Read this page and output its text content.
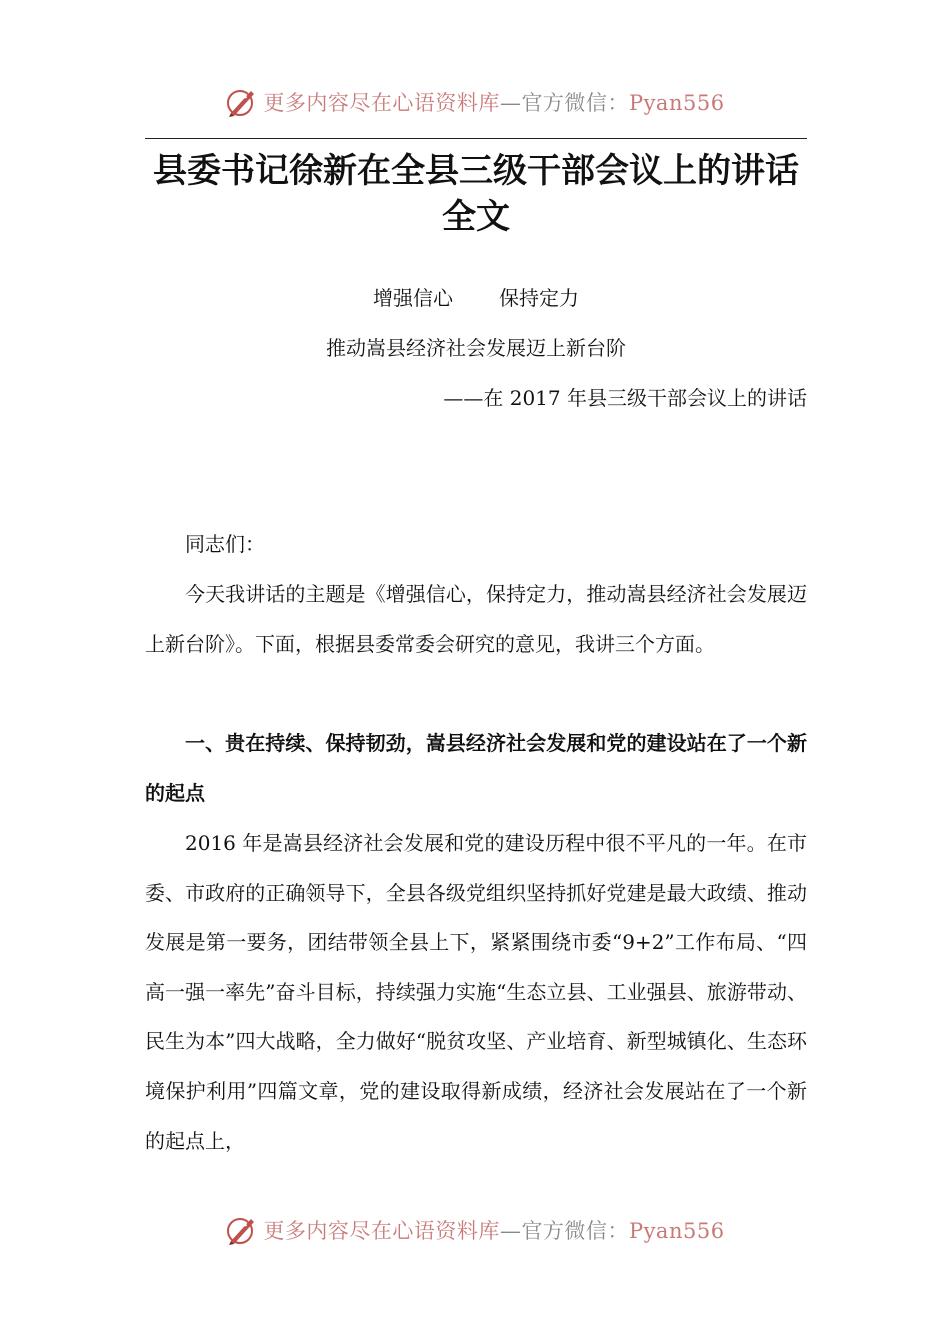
更多内容尽在心语资料库—官方微信：Pyan556
县委书记徐新在全县三级干部会议上的讲话全文
增强信心 保持定力
推动嵩县经济社会发展迈上新台阶
——在 2017 年县三级干部会议上的讲话

同志们：

今天我讲话的主题是《增强信心，保持定力，推动嵩县经济社会发展迈上新台阶》。下面，根据县委常委会研究的意见，我讲三个方面。

一、贵在持续、保持韧劲，嵩县经济社会发展和党的建设站在了一个新的起点

2016 年是嵩县经济社会发展和党的建设历程中很不平凡的一年。在市委、市政府的正确领导下，全县各级党组织坚持抓好党建是最大政绩、推动发展是第一要务，团结带领全县上下，紧紧围绕市委“9+2”工作布局、“四高一强一率先”奋斗目标，持续强力实施“生态立县、工业强县、旅游带动、民生为本”四大战略，全力做好“脱贫攻坚、产业培育、新型城镇化、生态环境保护利用”四篇文章，党的建设取得新成绩，经济社会发展站在了一个新的起点上，

更多内容尽在心语资料库—官方微信：Pyan556
